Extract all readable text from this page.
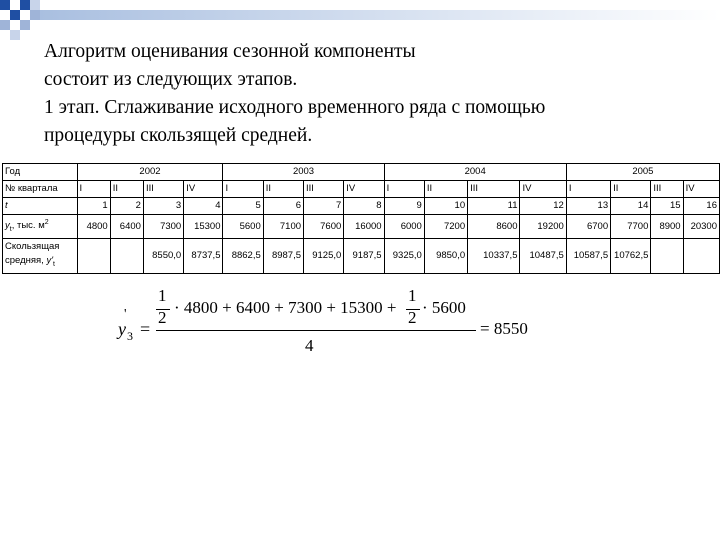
Алгоритм оценивания сезонной компоненты
состоит из следующих этапов.
1 этап. Сглаживание исходного временного ряда с помощью
процедуры скользящей средней.
Год	2002				2003				2004				2005			
№ квартала	I	II	III	IV	I	II	III	IV	I	II	III	IV	I	II	III	IV
t	1	2	3	4	5	6	7	8	9	10	11	12	13	14	15	16
$y_t$, тыс. $м^2$	4800	6400	7300	15300	5600	7100	7600	16000	6000	7200	8600	19200	6700	7700	8900	20300

Скользящая
средняя, $y'_t$			8550,0	8737,5	8862,5	8987,5	9125,0	9187,5	9325,0	9850,0	10337,5	10487,5	10587,5	10762,5		
y
'
3 =
1
2
· 4800 + 6400 + 7300 + 15300 +
1
2
· 5600
4
= 8550
